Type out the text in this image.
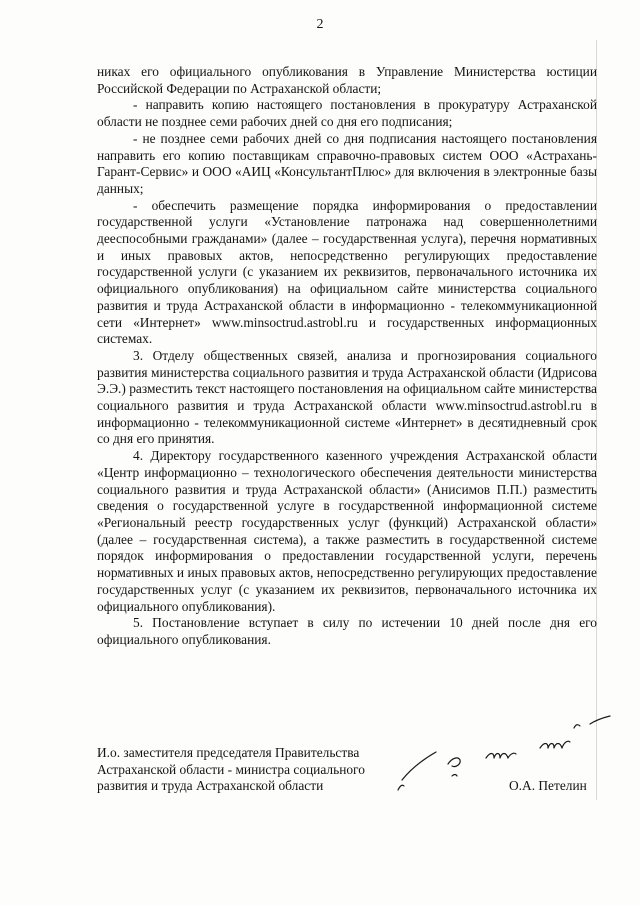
2

никах его официального опубликования в Управление Министерства юстиции Российской Федерации по Астраханской области;

- направить копию настоящего постановления в прокуратуру Астраханской области не позднее семи рабочих дней со дня его подписания;

- не позднее семи рабочих дней со дня подписания настоящего постановления направить его копию поставщикам справочно-правовых систем ООО «Астрахань-Гарант-Сервис» и ООО «АИЦ «КонсультантПлюс» для включения в электронные базы данных;

- обеспечить размещение порядка информирования о предоставлении государственной услуги «Установление патронажа над совершеннолетними дееспособными гражданами» (далее – государственная услуга), перечня нормативных и иных правовых актов, непосредственно регулирующих предоставление государственной услуги (с указанием их реквизитов, первоначального источника их официального опубликования) на официальном сайте министерства социального развития и труда Астраханской области в информационно - телекоммуникационной сети «Интернет» www.minsoctrud.astrobl.ru и государственных информационных системах.

3. Отделу общественных связей, анализа и прогнозирования социального развития министерства социального развития и труда Астраханской области (Идрисова Э.Э.) разместить текст настоящего постановления на официальном сайте министерства социального развития и труда Астраханской области www.minsoctrud.astrobl.ru в информационно - телекоммуникационной системе «Интернет» в десятидневный срок со дня его принятия.

4. Директору государственного казенного учреждения Астраханской области «Центр информационно – технологического обеспечения деятельности министерства социального развития и труда Астраханской области» (Анисимов П.П.) разместить сведения о государственной услуге в государственной информационной системе «Региональный реестр государственных услуг (функций) Астраханской области» (далее – государственная система), а также разместить в государственной системе порядок информирования о предоставлении государственной услуги, перечень нормативных и иных правовых актов, непосредственно регулирующих предоставление государственных услуг (с указанием их реквизитов, первоначального источника их официального опубликования).

5. Постановление вступает в силу по истечении 10 дней после дня его официального опубликования.

И.о. заместителя председателя Правительства
Астраханской области - министра социального
развития и труда Астраханской области	О.А. Петелин
